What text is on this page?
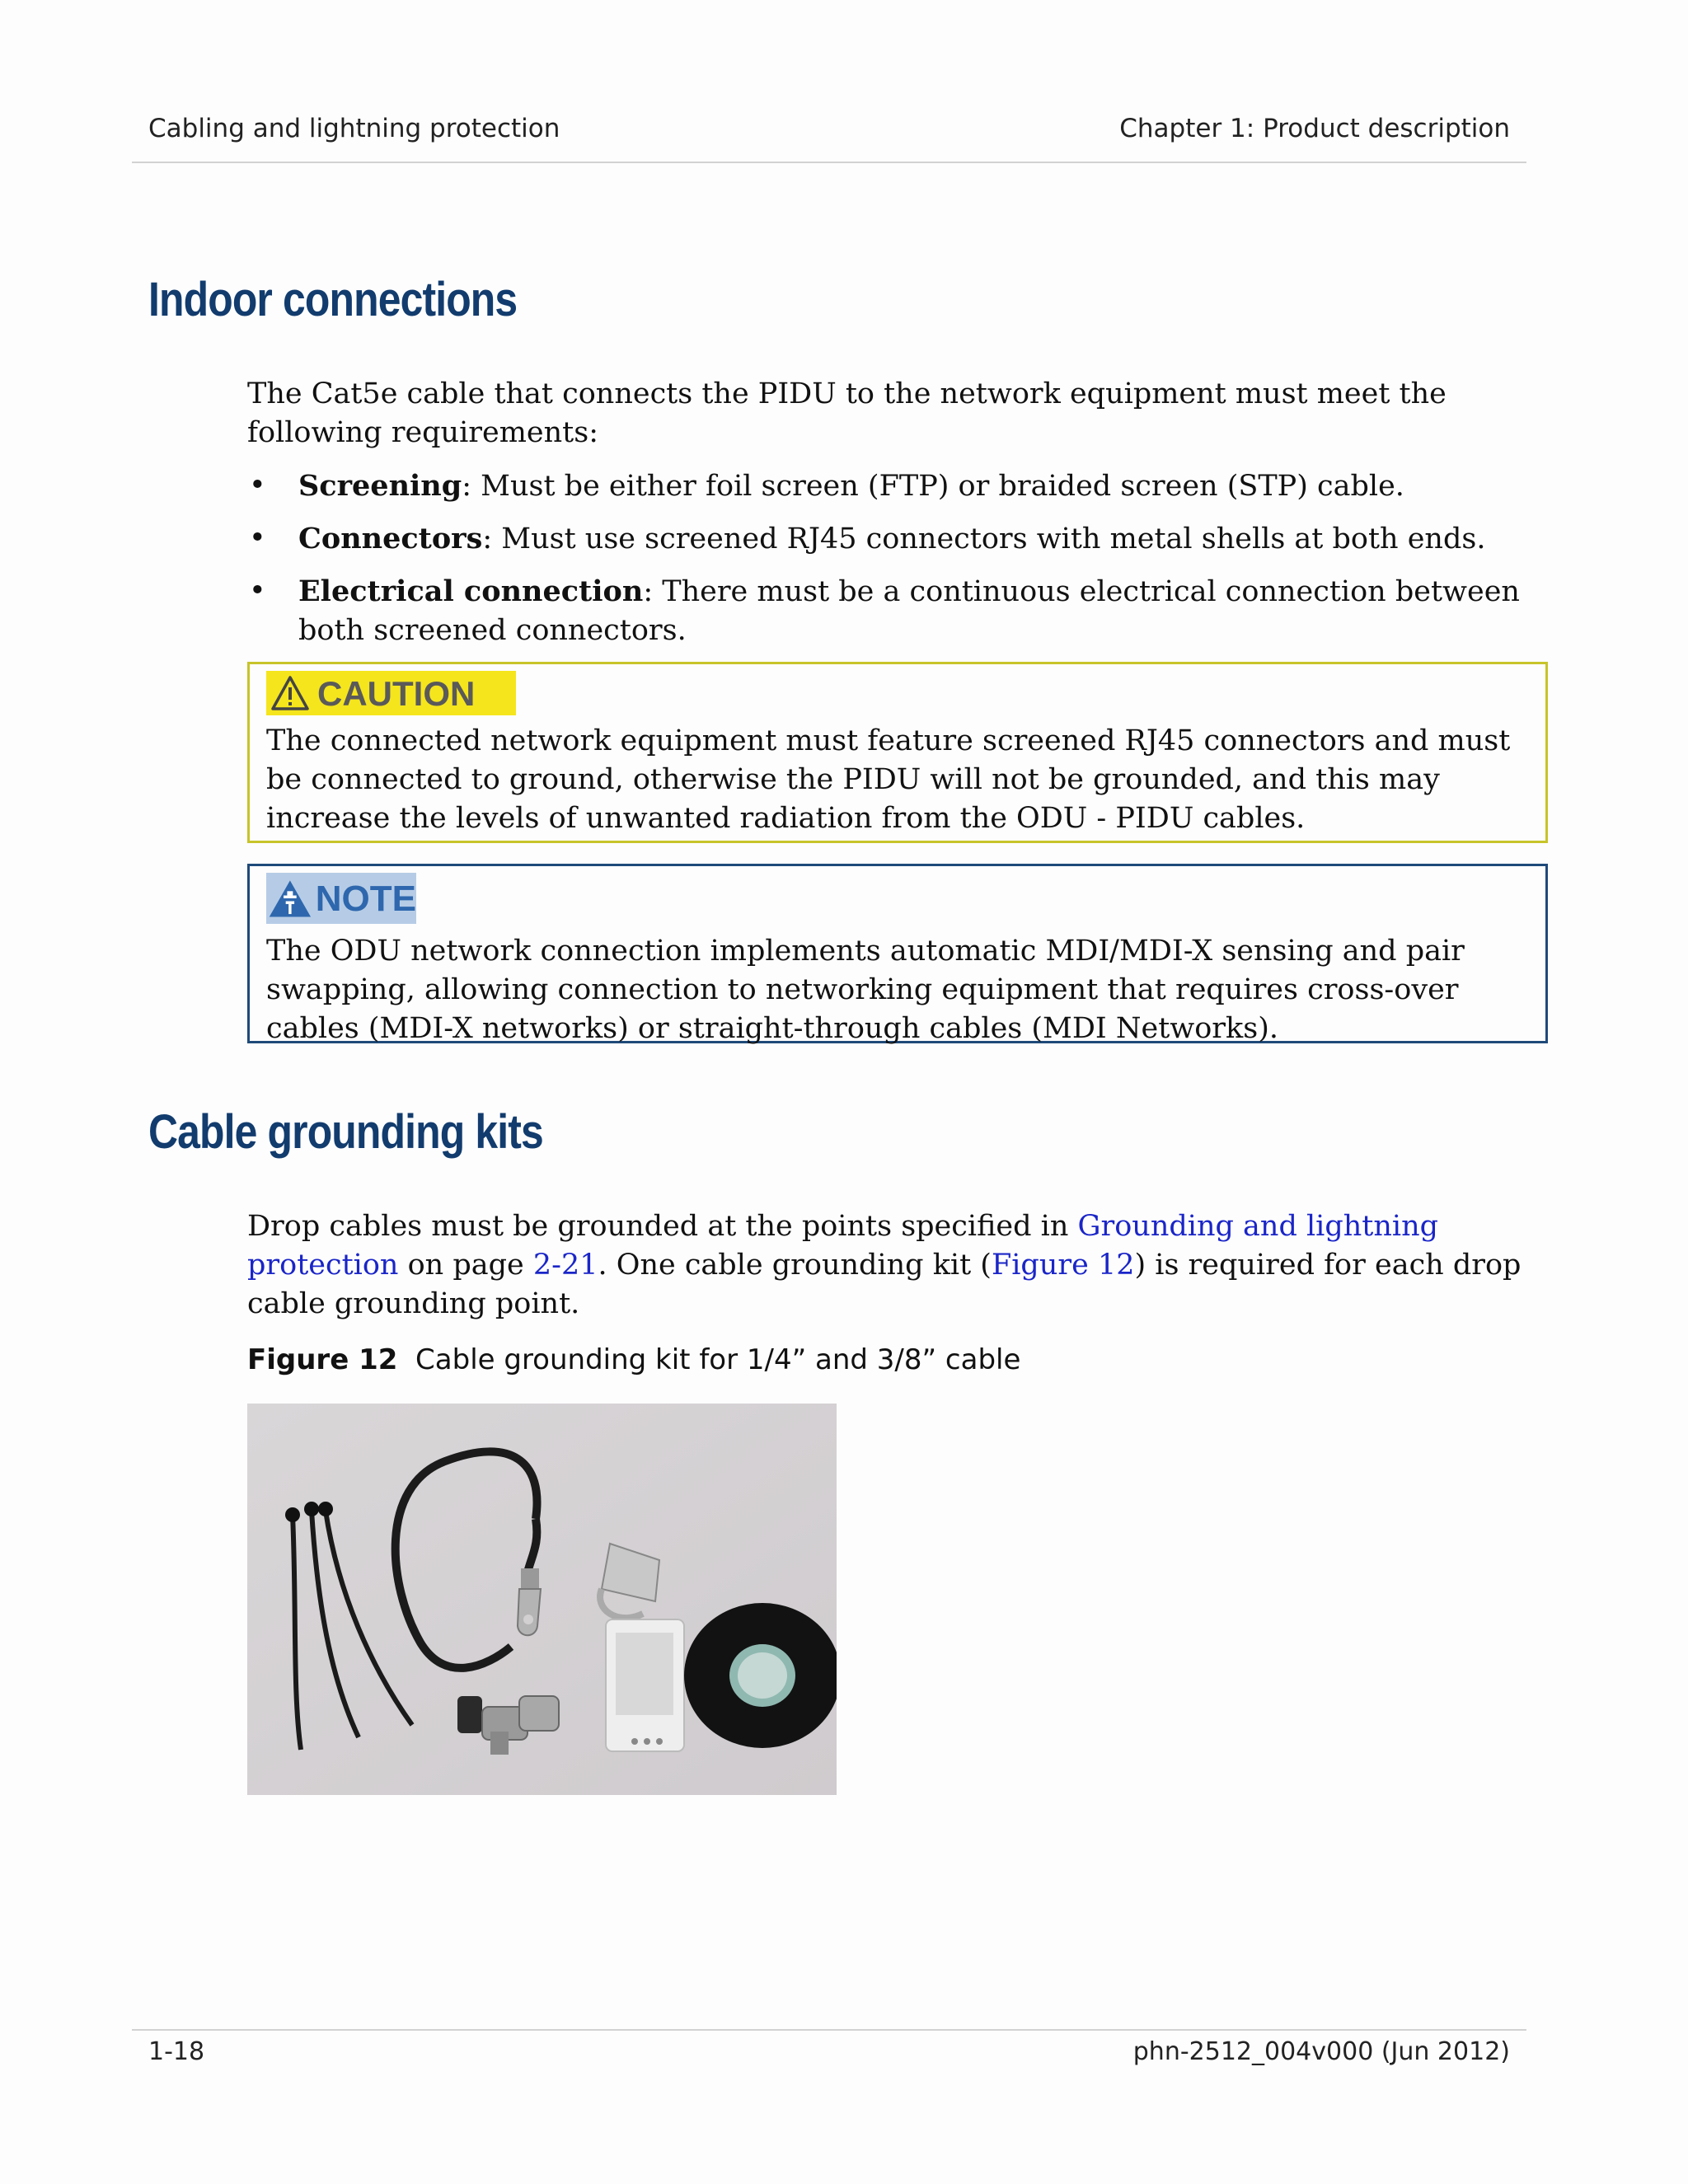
Cabling and lightning protection	Chapter 1: Product description
Indoor connections
The Cat5e cable that connects the PIDU to the network equipment must meet the following requirements:
• Screening: Must be either foil screen (FTP) or braided screen (STP) cable.
• Connectors: Must use screened RJ45 connectors with metal shells at both ends.
• Electrical connection: There must be a continuous electrical connection between both screened connectors.
CAUTION
The connected network equipment must feature screened RJ45 connectors and must be connected to ground, otherwise the PIDU will not be grounded, and this may increase the levels of unwanted radiation from the ODU - PIDU cables.
NOTE
The ODU network connection implements automatic MDI/MDI-X sensing and pair swapping, allowing connection to networking equipment that requires cross-over cables (MDI-X networks) or straight-through cables (MDI Networks).
Cable grounding kits
Drop cables must be grounded at the points specified in Grounding and lightning protection on page 2-21. One cable grounding kit (Figure 12) is required for each drop cable grounding point.
Figure 12 Cable grounding kit for 1/4” and 3/8” cable
1-18	phn-2512_004v000 (Jun 2012)
